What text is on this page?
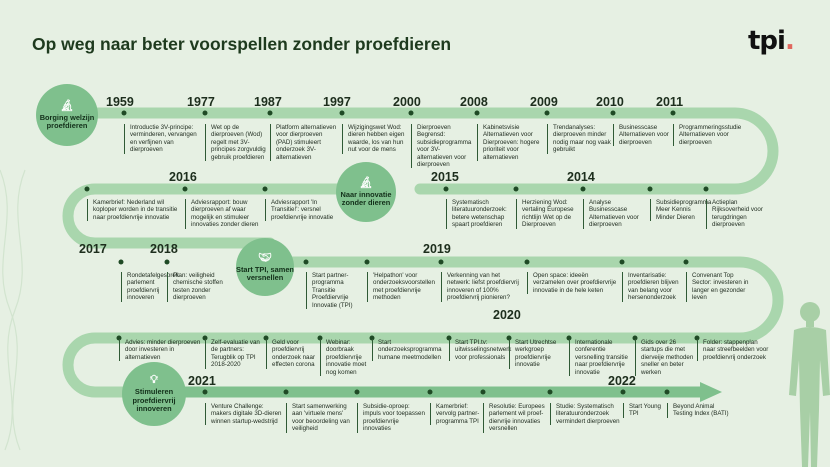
Op weg naar beter voorspellen zonder proefdieren	tpi.
🔬︎
Borging welzijn proefdieren
🔬︎
Naar innovatie zonder dieren
🤝︎
Start TPI, samen versnellen
💡︎
Stimuleren proefdiervrij innoveren
1959	1977	1987	1997	2000	2008	2009	2010	2011
2016	2015	2014
2017	2018	2019
2020
2021	2022
Introductie 3V-principe: verminderen, vervangen en verfijnen van dierproeven
Wet op de dierproeven (Wod) regelt met 3V-principes zorgvuldig gebruik proefdieren
Platform alternatieven voor dierproeven (PAD) stimuleert onderzoek 3V-alternatieven
Wijzigingswet Wod: dieren hebben eigen waarde, los van hun nut voor de mens
Dierproeven Begrensd: subsidieprogramma voor 3V-alternatieven voor dierproeven
Kabinetsvisie Alternatieven voor Dierproeven: hogere prioriteit voor alternatieven
Trendanalyses: dierproeven minder nodig maar nog vaak gebruikt
Businesscase Alternatieven voor dierproeven
Programmeringsstudie Alternatieven voor dierproeven
Kamerbrief: Nederland wil koploper worden in de transitie naar proefdiervrije innovatie
Adviesrapport: bouw dierproeven af waar mogelijk en stimuleer innovaties zonder dieren
Adviesrapport 'In Transitie!': versnel proefdiervrije innovatie
Systematisch literatuuronderzoek: betere wetenschap spaart proefdieren
Herziening Wod: vertaling Europese richtlijn Wet op de Dierproeven
Analyse Businesscase Alternatieven voor dierproeven
Subsidieprogramma Meer Kennis Minder Dieren
Actieplan Rijksoverheid voor terugdringen dierproeven
Rondetafelgesprek parlement proefdiervrij innoveren
Plan: veiligheid chemische stoffen testen zonder dierproeven
Start partner-programma Transitie Proefdiervrije Innovatie (TPI)
'Helpathon' voor onderzoeksvoorstellen met proefdiervrije methoden
Verkenning van het netwerk: liefst proefdiervrij innoveren of 100% proefdiervrij pionieren?
Open space: ideeën verzamelen over proefdiervrije innovatie in de hele keten
Inventarisatie: proefdieren blijven van belang voor hersenonderzoek
Convenant Top Sector: investeren in langer en gezonder leven
Advies: minder dierproeven door investeren in alternatieven
Zelf-evaluatie van de partners: Terugblik op TPI 2018-2020
Geld voor proefdiervrij onderzoek naar effecten corona
Webinar: doorbraak proefdiervrije innovatie moet nog komen
Start onderzoeksprogramma humane meetmodellen
Start TPI.tv: uitwisselingsnetwerk voor professionals
Start Utrechtse werkgroep proefdiervrije innovatie
Internationale conferentie versnelling transitie naar proefdiervrije innovatie
Gids over 26 startups die met dierveije methoden sneller en beter werken
Folder: stappenplan naar streefbeelden voor proefdiervrij onderzoek
Venture Challenge: makers digitale 3D-dieren winnen startup-wedstrijd
Start samenwerking aan 'virtuele mens' voor beoordeling van veiligheid
Subsidie-oproep: impuls voor toepassen proefdiervrije innovaties
Kamerbrief: vervolg partner-programma TPI
Resolutie: Europees parlement wil proef-diervrije innovaties versnellen
Studie: Systematisch literatuuronderzoek vermindert dierproeven
Start Young TPI
Beyond Animal Testing Index (BATI)
